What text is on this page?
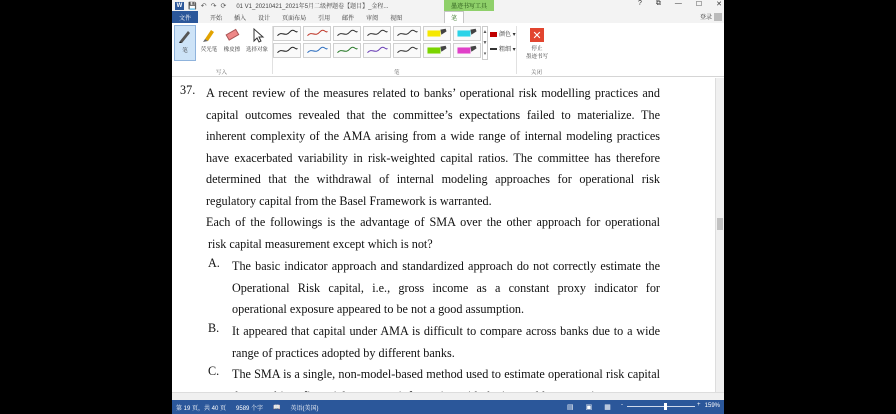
W 💾 ↶ ↷ ⟳ 01 V1_20210421_2021年5月二级押题卷【题目】_金程...	墨迹书写工具	? ⧉ — ☐ ✕
文件	开始	插入	设计	页面布局	引用	邮件	审阅	视图	笔	登录
笔 荧光笔 橡皮擦 选择对象
▲
▼
▾
颜色 ▾
粗细 ▾
✕
停止
墨迹书写
写入	笔	关闭
37. A recent review of the measures related to banks’ operational risk modelling practices and
capital outcomes revealed that the committee’s expectations failed to materialize. The
inherent complexity of the AMA arising from a wide range of internal modeling practices
have exacerbated variability in risk-weighted capital ratios. The committee has therefore
determined that the withdrawal of internal modeling approaches for operational risk
regulatory capital from the Basel Framework is warranted.
Each of the followings is the advantage of SMA over the other approach for operational
risk capital measurement except which is not?
A. The basic indicator approach and standardized approach do not correctly estimate the Operational Risk capital, i.e., gross income as a constant proxy indicator for operational exposure appeared to be not a good assumption.
B. It appeared that capital under AMA is difficult to compare across banks due to a wide range of practices adopted by different banks.
C. The SMA is a single, non-model-based method used to estimate operational risk capital
第 19 页，共 40 页 9589 个字 📖 英语(美国)	▤ ▣ ▦ -	+ 159%
